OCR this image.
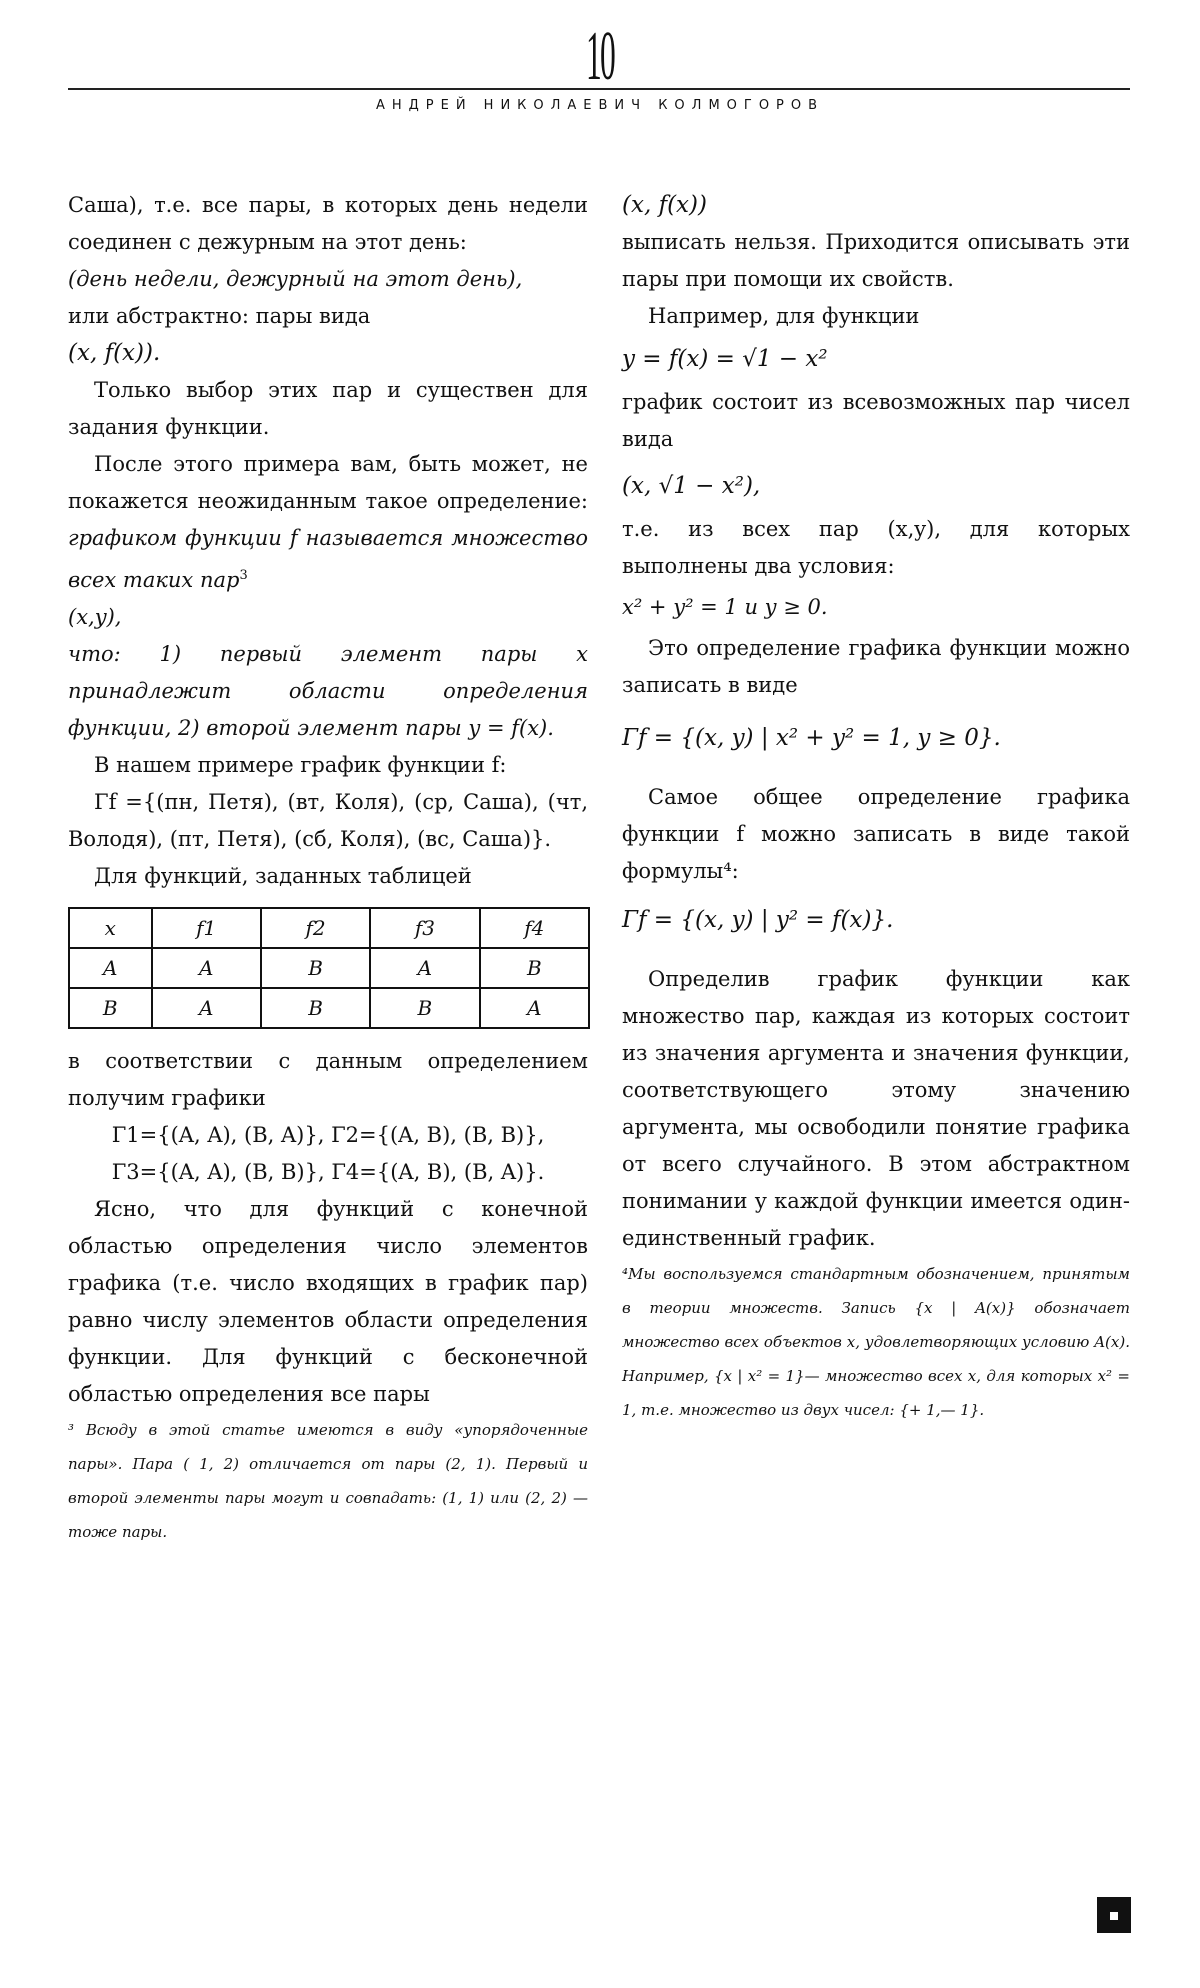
10
АНДРЕЙ НИКОЛАЕВИЧ КОЛМОГОРОВ

Саша), т.е. все пары, в которых день недели соединен с дежурным на этот день:

(день недели, дежурный на этот день),

или абстрактно: пары вида

(x, f(x)).

Только выбор этих пар и существен для задания функции.

После этого примера вам, быть может, не покажется неожиданным такое определение: графиком функции f называется множество всех таких пар$^3$

(x,y),

что: 1) первый элемент пары x принадлежит области определения функции, 2) второй элемент пары y = f(x).

В нашем примере график функции f:

Γf ={(пн, Петя), (вт, Коля), (ср, Саша), (чт, Володя), (пт, Петя), (сб, Коля), (вс, Саша)}.

Для функций, заданных таблицей

x	f1	f2	f3	f4
A	A	B	A	B
B	A	B	B	A

в соответствии с данным определением получим графики

Γ1={(A, A), (B, A)}, Γ2={(A, B), (B, B)},

Γ3={(A, A), (B, B)}, Γ4={(A, B), (B, A)}.

Ясно, что для функций с конечной областью определения число элементов графика (т.е. число входящих в график пар) равно числу элементов области определения функции. Для функций с бесконечной областью определения все пары

³ Всюду в этой статье имеются в виду «упорядоченные пары». Пара ( 1, 2) отличается от пары (2, 1). Первый и второй элементы пары могут и совпадать: (1, 1) или (2, 2) — тоже пары.

(x, f(x))

выписать нельзя. Приходится описывать эти пары при помощи их свойств.

Например, для функции

y = f(x) = √1 − x²

график состоит из всевозможных пар чисел вида

(x, √1 − x²),

т.е. из всех пар (x,y), для которых выполнены два условия:

x² + y² = 1 и y ≥ 0.

Это определение графика функции можно записать в виде

Γf = {(x, y) | x² + y² = 1, y ≥ 0}.

Самое общее определение графика функции f можно записать в виде такой формулы⁴:

Γf = {(x, y) | y² = f(x)}.

Определив график функции как множество пар, каждая из которых состоит из значения аргумента и значения функции, соответствующего этому значению аргумента, мы освободили понятие графика от всего случайного. В этом абстрактном понимании у каждой функции имеется один-единственный график.

⁴Мы воспользуемся стандартным обозначением, принятым в теории множеств. Запись {x | A(x)} обозначает множество всех объектов x, удовлетворяющих условию A(x). Например, {x | x² = 1}— множество всех x, для которых x² = 1, т.е. множество из двух чисел: {+ 1,— 1}.
